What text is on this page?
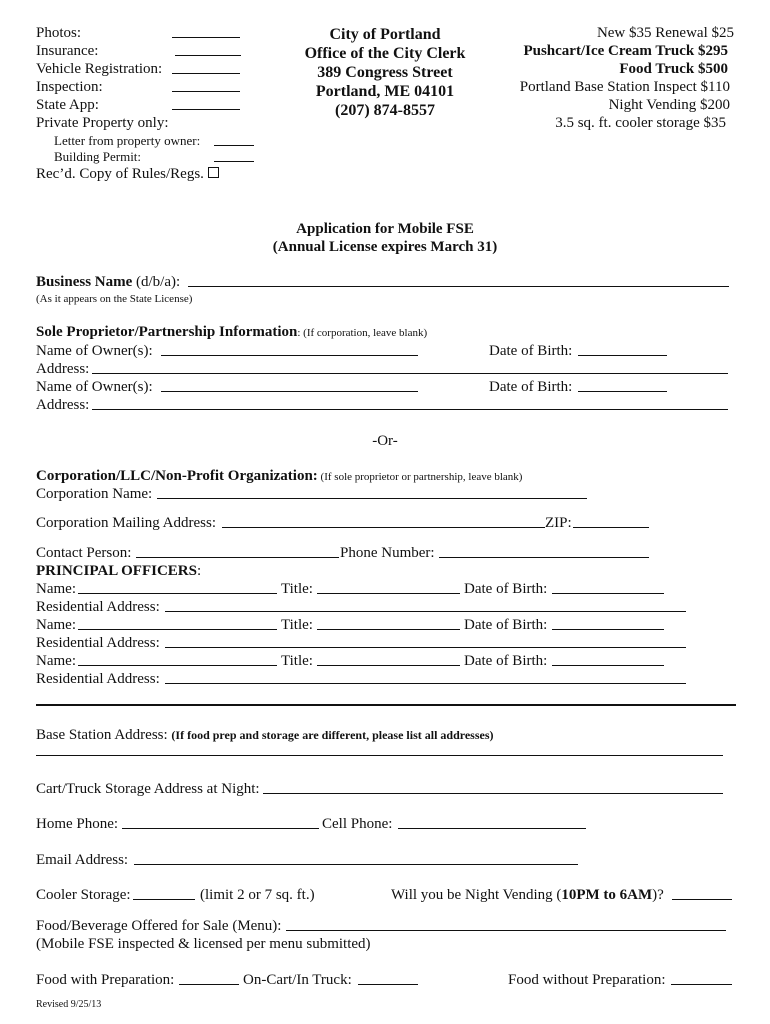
Photos:
Insurance:
Vehicle Registration:
Inspection:
State App:
Private Property only:
Letter from property owner:
Building Permit:
Rec’d. Copy of Rules/Regs.
City of Portland
Office of the City Clerk
389 Congress Street
Portland, ME 04101
(207) 874-8557
New $35 Renewal $25
Pushcart/Ice Cream Truck $295
Food Truck $500
Portland Base Station Inspect $110
Night Vending $200
3.5 sq. ft. cooler storage $35
Application for Mobile FSE
(Annual License expires March 31)
Business Name (d/b/a):
(As it appears on the State License)
Sole Proprietor/Partnership Information: (If corporation, leave blank)
Name of Owner(s):	Date of Birth:
Address:
Name of Owner(s):	Date of Birth:
Address:
-Or-
Corporation/LLC/Non-Profit Organization: (If sole proprietor or partnership, leave blank)
Corporation Name:
Corporation Mailing Address:	ZIP:
Contact Person:	Phone Number:
PRINCIPAL OFFICERS:
Name:	Title:	Date of Birth:
Residential Address:
Name:	Title:	Date of Birth:
Residential Address:
Name:	Title:	Date of Birth:
Residential Address:
Base Station Address: (If food prep and storage are different, please list all addresses)
Cart/Truck Storage Address at Night:
Home Phone:	Cell Phone:
Email Address:
Cooler Storage:	(limit 2 or 7 sq. ft.)	Will you be Night Vending (10PM to 6AM)?
Food/Beverage Offered for Sale (Menu):
(Mobile FSE inspected & licensed per menu submitted)
Food with Preparation:	On-Cart/In Truck:	Food without Preparation:
Revised 9/25/13
